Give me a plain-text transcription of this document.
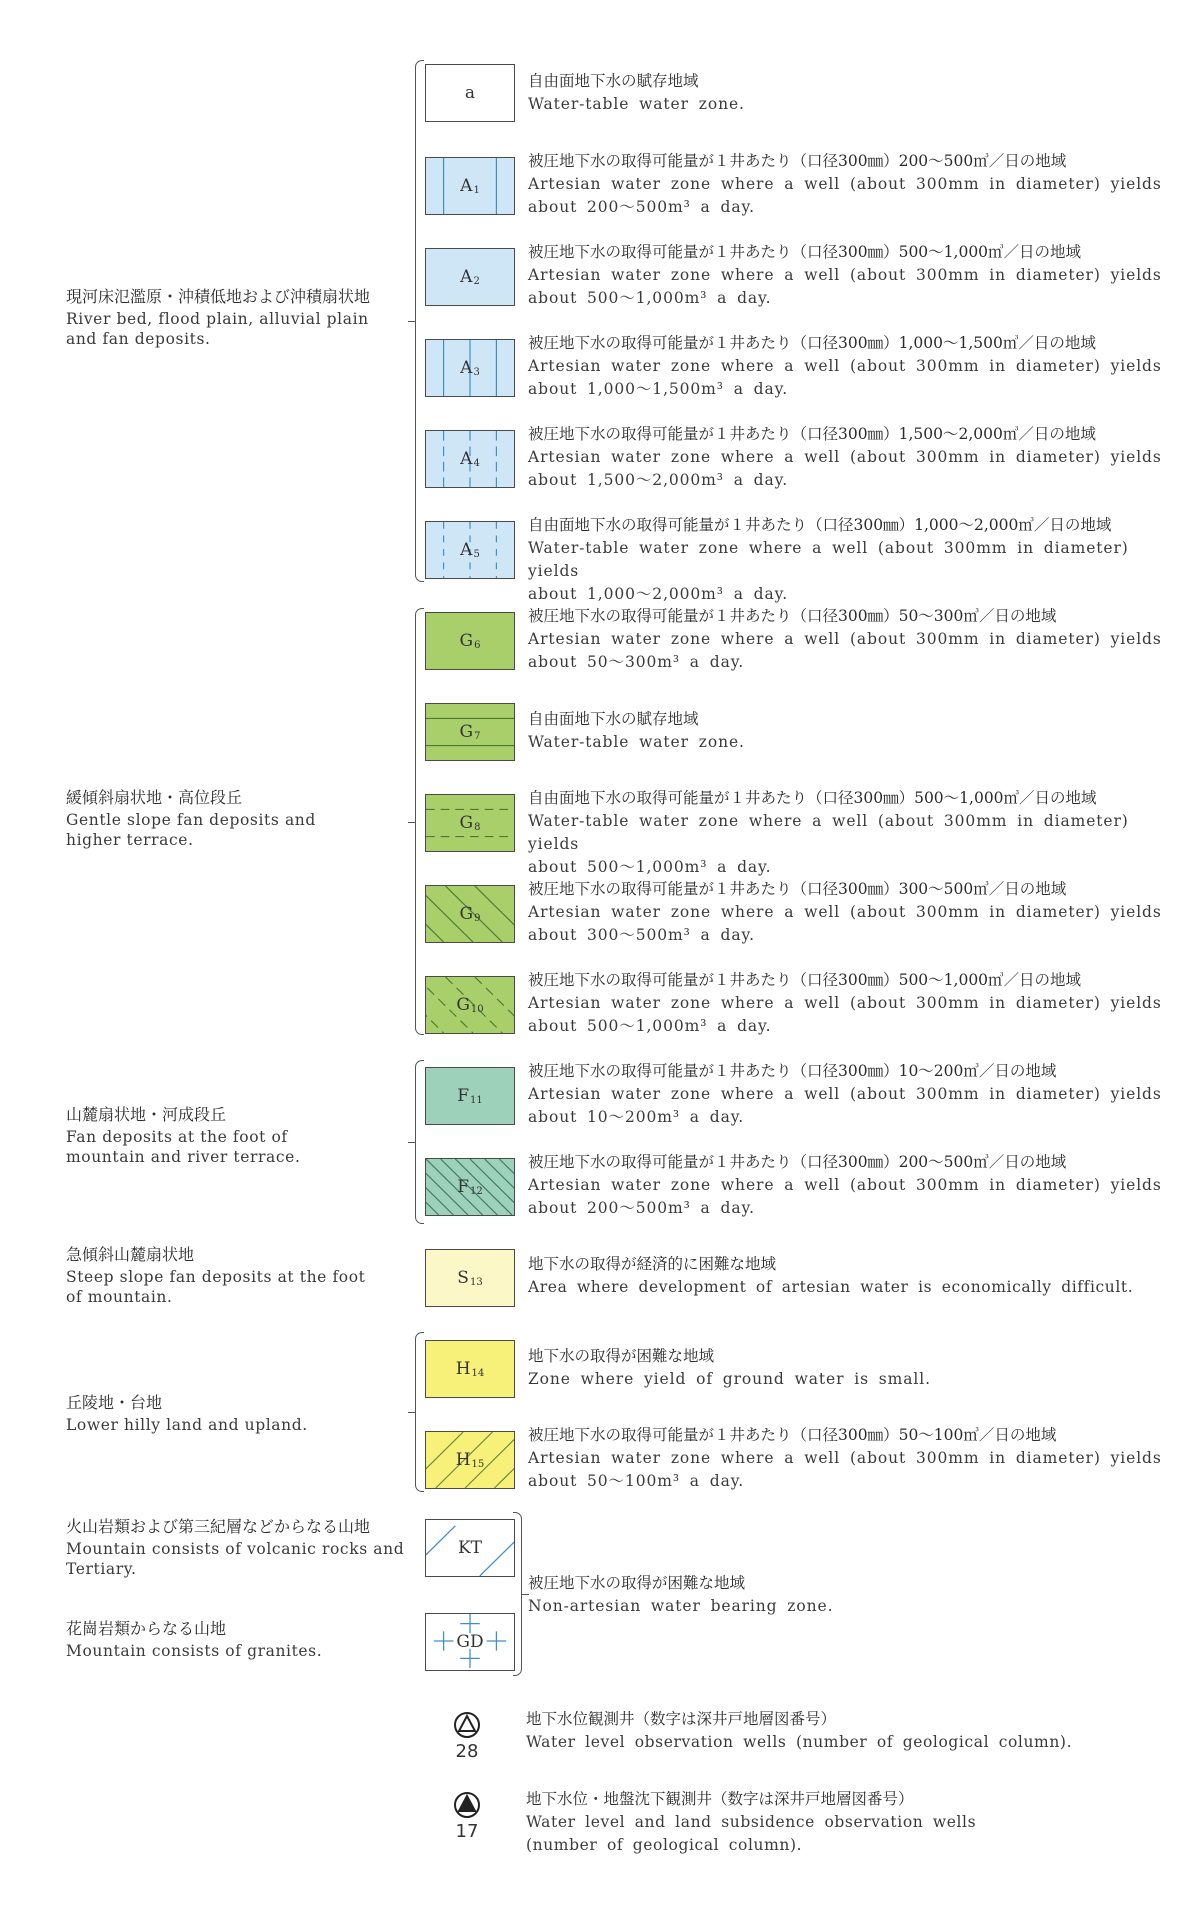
現河床氾濫原・沖積低地および沖積扇状地
River bed, flood plain, alluvial plain and fan deposits.
緩傾斜扇状地・高位段丘
Gentle slope fan deposits and higher terrace.
山麓扇状地・河成段丘
Fan deposits at the foot of mountain and river terrace.
急傾斜山麓扇状地
Steep slope fan deposits at the foot of mountain.
丘陵地・台地
Lower hilly land and upland.
火山岩類および第三紀層などからなる山地
Mountain consists of volcanic rocks and Tertiary.
花崗岩類からなる山地
Mountain consists of granites.
a
$A_1$
$A_2$
$A_3$
$A_4$
$A_5$
$G_6$
$G_7$
$G_8$
$G_9$
$G_{10}$
$F_{11}$
$F_{12}$
$S_{13}$
$H_{14}$
$H_{15}$
KT
GD
自由面地下水の賦存地域
Water-table water zone.
被圧地下水の取得可能量が１井あたり（口径300㎜）200～500㎥／日の地域
Artesian water zone where a well (about 300mm in diameter) yields
about 200～500m³ a day.
被圧地下水の取得可能量が１井あたり（口径300㎜）500～1,000㎥／日の地域
Artesian water zone where a well (about 300mm in diameter) yields
about 500～1,000m³ a day.
被圧地下水の取得可能量が１井あたり（口径300㎜）1,000～1,500㎥／日の地域
Artesian water zone where a well (about 300mm in diameter) yields
about 1,000～1,500m³ a day.
被圧地下水の取得可能量が１井あたり（口径300㎜）1,500～2,000㎥／日の地域
Artesian water zone where a well (about 300mm in diameter) yields
about 1,500～2,000m³ a day.
自由面地下水の取得可能量が１井あたり（口径300㎜）1,000～2,000㎥／日の地域
Water-table water zone where a well (about 300mm in diameter) yields
about 1,000～2,000m³ a day.
被圧地下水の取得可能量が１井あたり（口径300㎜）50～300㎥／日の地域
Artesian water zone where a well (about 300mm in diameter) yields
about 50～300m³ a day.
自由面地下水の賦存地域
Water-table water zone.
自由面地下水の取得可能量が１井あたり（口径300㎜）500～1,000㎥／日の地域
Water-table water zone where a well (about 300mm in diameter) yields
about 500～1,000m³ a day.
被圧地下水の取得可能量が１井あたり（口径300㎜）300～500㎥／日の地域
Artesian water zone where a well (about 300mm in diameter) yields
about 300～500m³ a day.
被圧地下水の取得可能量が１井あたり（口径300㎜）500～1,000㎥／日の地域
Artesian water zone where a well (about 300mm in diameter) yields
about 500～1,000m³ a day.
被圧地下水の取得可能量が１井あたり（口径300㎜）10～200㎥／日の地域
Artesian water zone where a well (about 300mm in diameter) yields
about 10～200m³ a day.
被圧地下水の取得可能量が１井あたり（口径300㎜）200～500㎥／日の地域
Artesian water zone where a well (about 300mm in diameter) yields
about 200～500m³ a day.
地下水の取得が経済的に困難な地域
Area where development of artesian water is economically difficult.
地下水の取得が困難な地域
Zone where yield of ground water is small.
被圧地下水の取得可能量が１井あたり（口径300㎜）50～100㎥／日の地域
Artesian water zone where a well (about 300mm in diameter) yields
about 50～100m³ a day.
被圧地下水の取得が困難な地域
Non-artesian water bearing zone.
28
地下水位観測井（数字は深井戸地層図番号）
Water level observation wells (number of geological column).
17
地下水位・地盤沈下観測井（数字は深井戸地層図番号）
Water level and land subsidence observation wells
(number of geological column).
